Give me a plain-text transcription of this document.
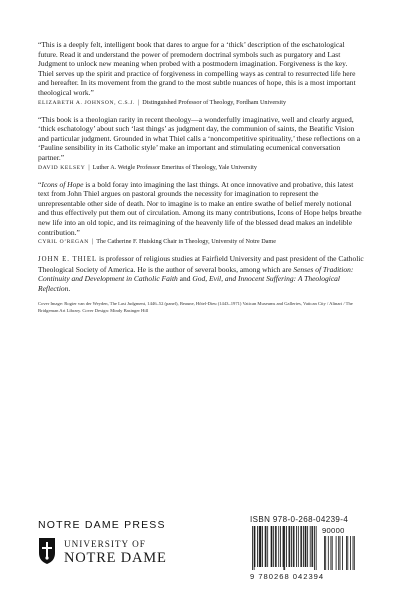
“This is a deeply felt, intelligent book that dares to argue for a ‘thick’ description of the eschatological future. Read it and understand the power of premodern doctrinal symbols such as purgatory and Last Judgment to unlock new meaning when probed with a postmodern imagination. Forgiveness is the key. Thiel serves up the spirit and practice of forgiveness in compelling ways as central to resurrected life here and hereafter. In its movement from the grand to the most subtle nuances of hope, this is a most important theological work.”

ELIZABETH A. JOHNSON, C.S.J. | Distinguished Professor of Theology, Fordham University

“This book is a theologian rarity in recent theology—a wonderfully imaginative, well and clearly argued, ‘thick eschatology’ about such ‘last things’ as judgment day, the communion of saints, the Beatific Vision and particular judgment. Grounded in what Thiel calls a ‘noncompetitive spirituality,’ these reflections on a ‘Pauline sensibility in its Catholic style’ make an important and stimulating ecumenical conversation partner.”

DAVID KELSEY | Luther A. Weigle Professor Emeritus of Theology, Yale University

“Icons of Hope is a bold foray into imagining the last things. At once innovative and probative, this latest text from John Thiel argues on pastoral grounds the necessity for imagination to represent the unrepresentable other side of death. Nor to imagine is to make an entire swathe of belief merely notional and thus effectively put them out of circulation. Among its many contributions, Icons of Hope helps breathe new life into an old topic, and its reimagining of the heavenly life of the blessed dead makes an indelible contribution.”

CYRIL O’REGAN | The Catherine F. Huisking Chair in Theology, University of Notre Dame

JOHN E. THIEL is professor of religious studies at Fairfield University and past president of the Catholic Theological Society of America. He is the author of several books, among which are Senses of Tradition: Continuity and Development in Catholic Faith and God, Evil, and Innocent Suffering: A Theological Reflection.

Cover Image: Rogier van der Weyden, The Last Judgment, 1446–52 (panel), Beaune, Hôtel-Dieu (1443–1971) Vatican Museums and Galleries, Vatican City / Alinari / The Bridgeman Art Library. Cover Design: Mindy Basinger Hill

NOTRE DAME PRESS
UNIVERSITY OF
NOTRE DAME
ISBN 978-0-268-04239-4
90000
9 780268 042394
